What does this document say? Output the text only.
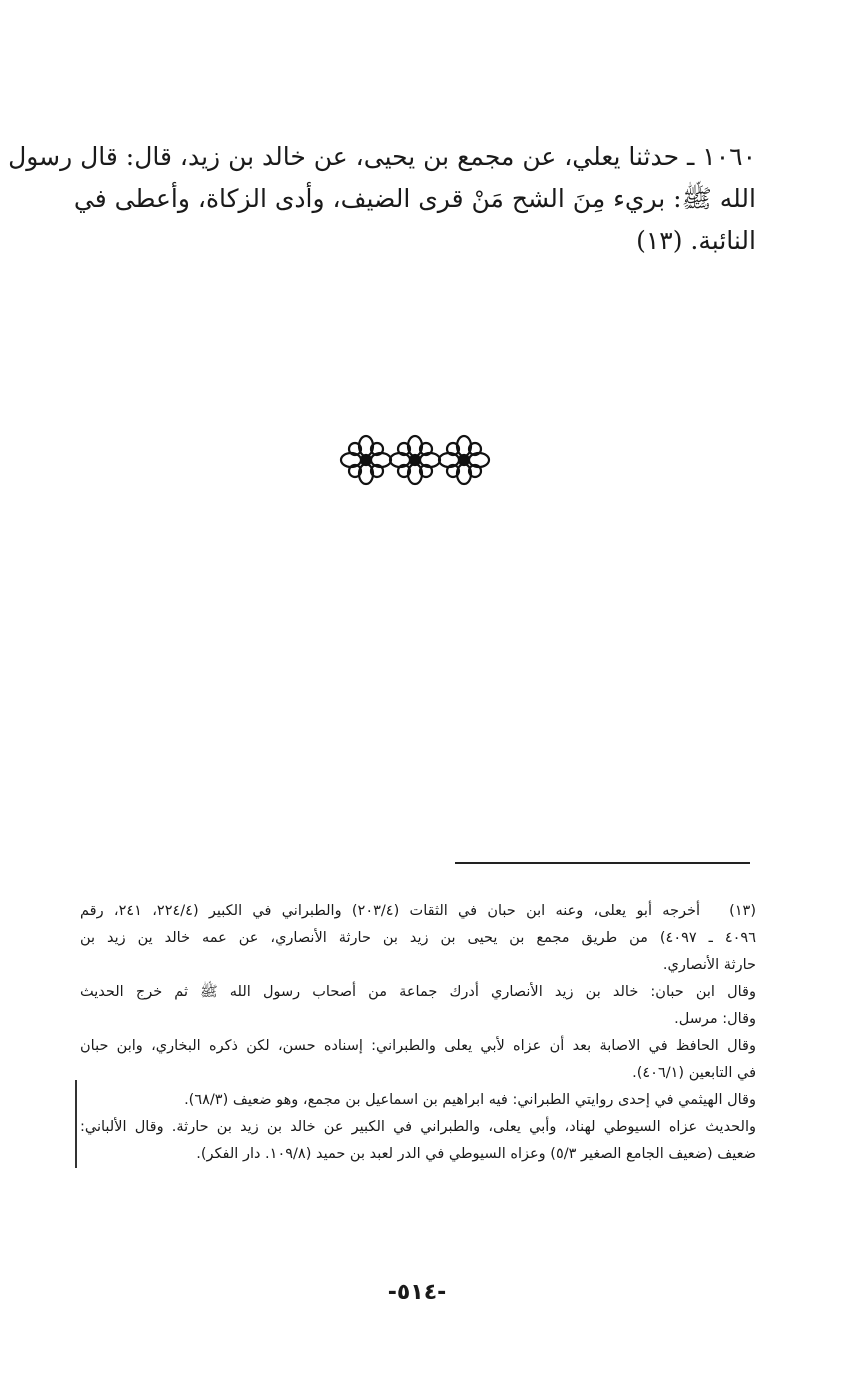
١٠٦٠ ـ حدثنا يعلي، عن مجمع بن يحيى، عن خالد بن زيد، قال: قال رسول
الله ﷺ: بريء مِنَ الشح مَنْ قرى الضيف، وأدى الزكاة، وأعطى في
النائبة. (١٣)
(١٣)
أخرجه أبو يعلى، وعنه ابن حبان في الثقات (٢٠٣/٤) والطبراني في الكبير (٢٢٤/٤، ٢٤١، رقم
٤٠٩٦ ـ ٤٠٩٧) من طريق مجمع بن يحيى بن زيد بن حارثة الأنصاري، عن عمه خالد ين زيد بن
حارثة الأنصاري.
وقال ابن حبان: خالد بن زيد الأنصاري أدرك جماعة من أصحاب رسول الله ﷺ ثم خرج الحديث
وقال: مرسل.
وقال الحافظ في الاصابة بعد أن عزاه لأبي يعلى والطبراني: إسناده حسن، لكن ذكره البخاري، وابن حبان
في التابعين (٤٠٦/١).
وقال الهيثمي في إحدى روايتي الطبراني: فيه ابراهيم بن اسماعيل بن مجمع، وهو ضعيف (٦٨/٣).
والحديث عزاه السيوطي لهناد، وأبي يعلى، والطبراني في الكبير عن خالد بن زيد بن حارثة. وقال الألباني:
ضعيف (ضعيف الجامع الصغير ٥/٣) وعزاه السيوطي في الدر لعبد بن حميد (١٠٩/٨. دار الفكر).
-٥١٤-
